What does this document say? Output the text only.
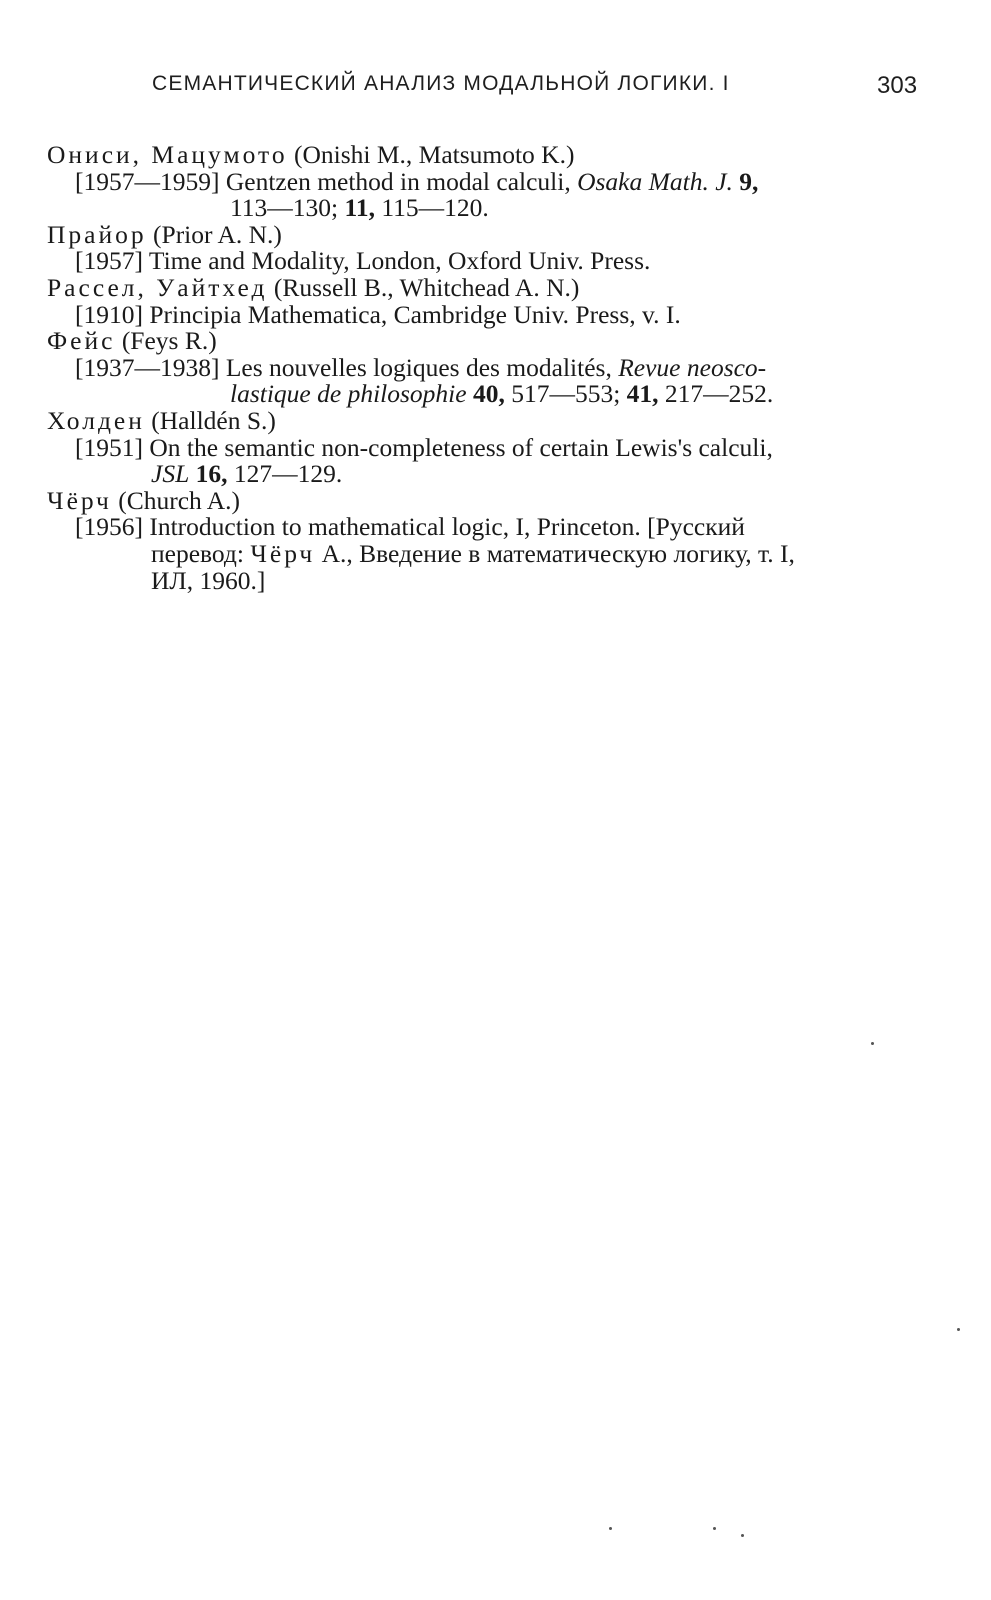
СЕМАНТИЧЕСКИЙ АНАЛИЗ МОДАЛЬНОЙ ЛОГИКИ. I	303
Ониси, Мацумото (Onishi M., Matsumoto K.)
[1957—1959] Gentzen method in modal calculi, Osaka Math. J. 9,
113—130; 11, 115—120.
Прайор (Prior A. N.)
[1957] Time and Modality, London, Oxford Univ. Press.
Рассел, Уайтхед (Russell B., Whitchead A. N.)
[1910] Principia Mathematica, Cambridge Univ. Press, v. I.
Фейс (Feys R.)
[1937—1938] Les nouvelles logiques des modalités, Revue neosco-
lastique de philosophie 40, 517—553; 41, 217—252.
Холден (Halldén S.)
[1951] On the semantic non-completeness of certain Lewis's calculi,
JSL 16, 127—129.
Чёрч (Church A.)
[1956] Introduction to mathematical logic, I, Princeton. [Русский
перевод: Чёрч А., Введение в математическую логику, т. I,
ИЛ, 1960.]
